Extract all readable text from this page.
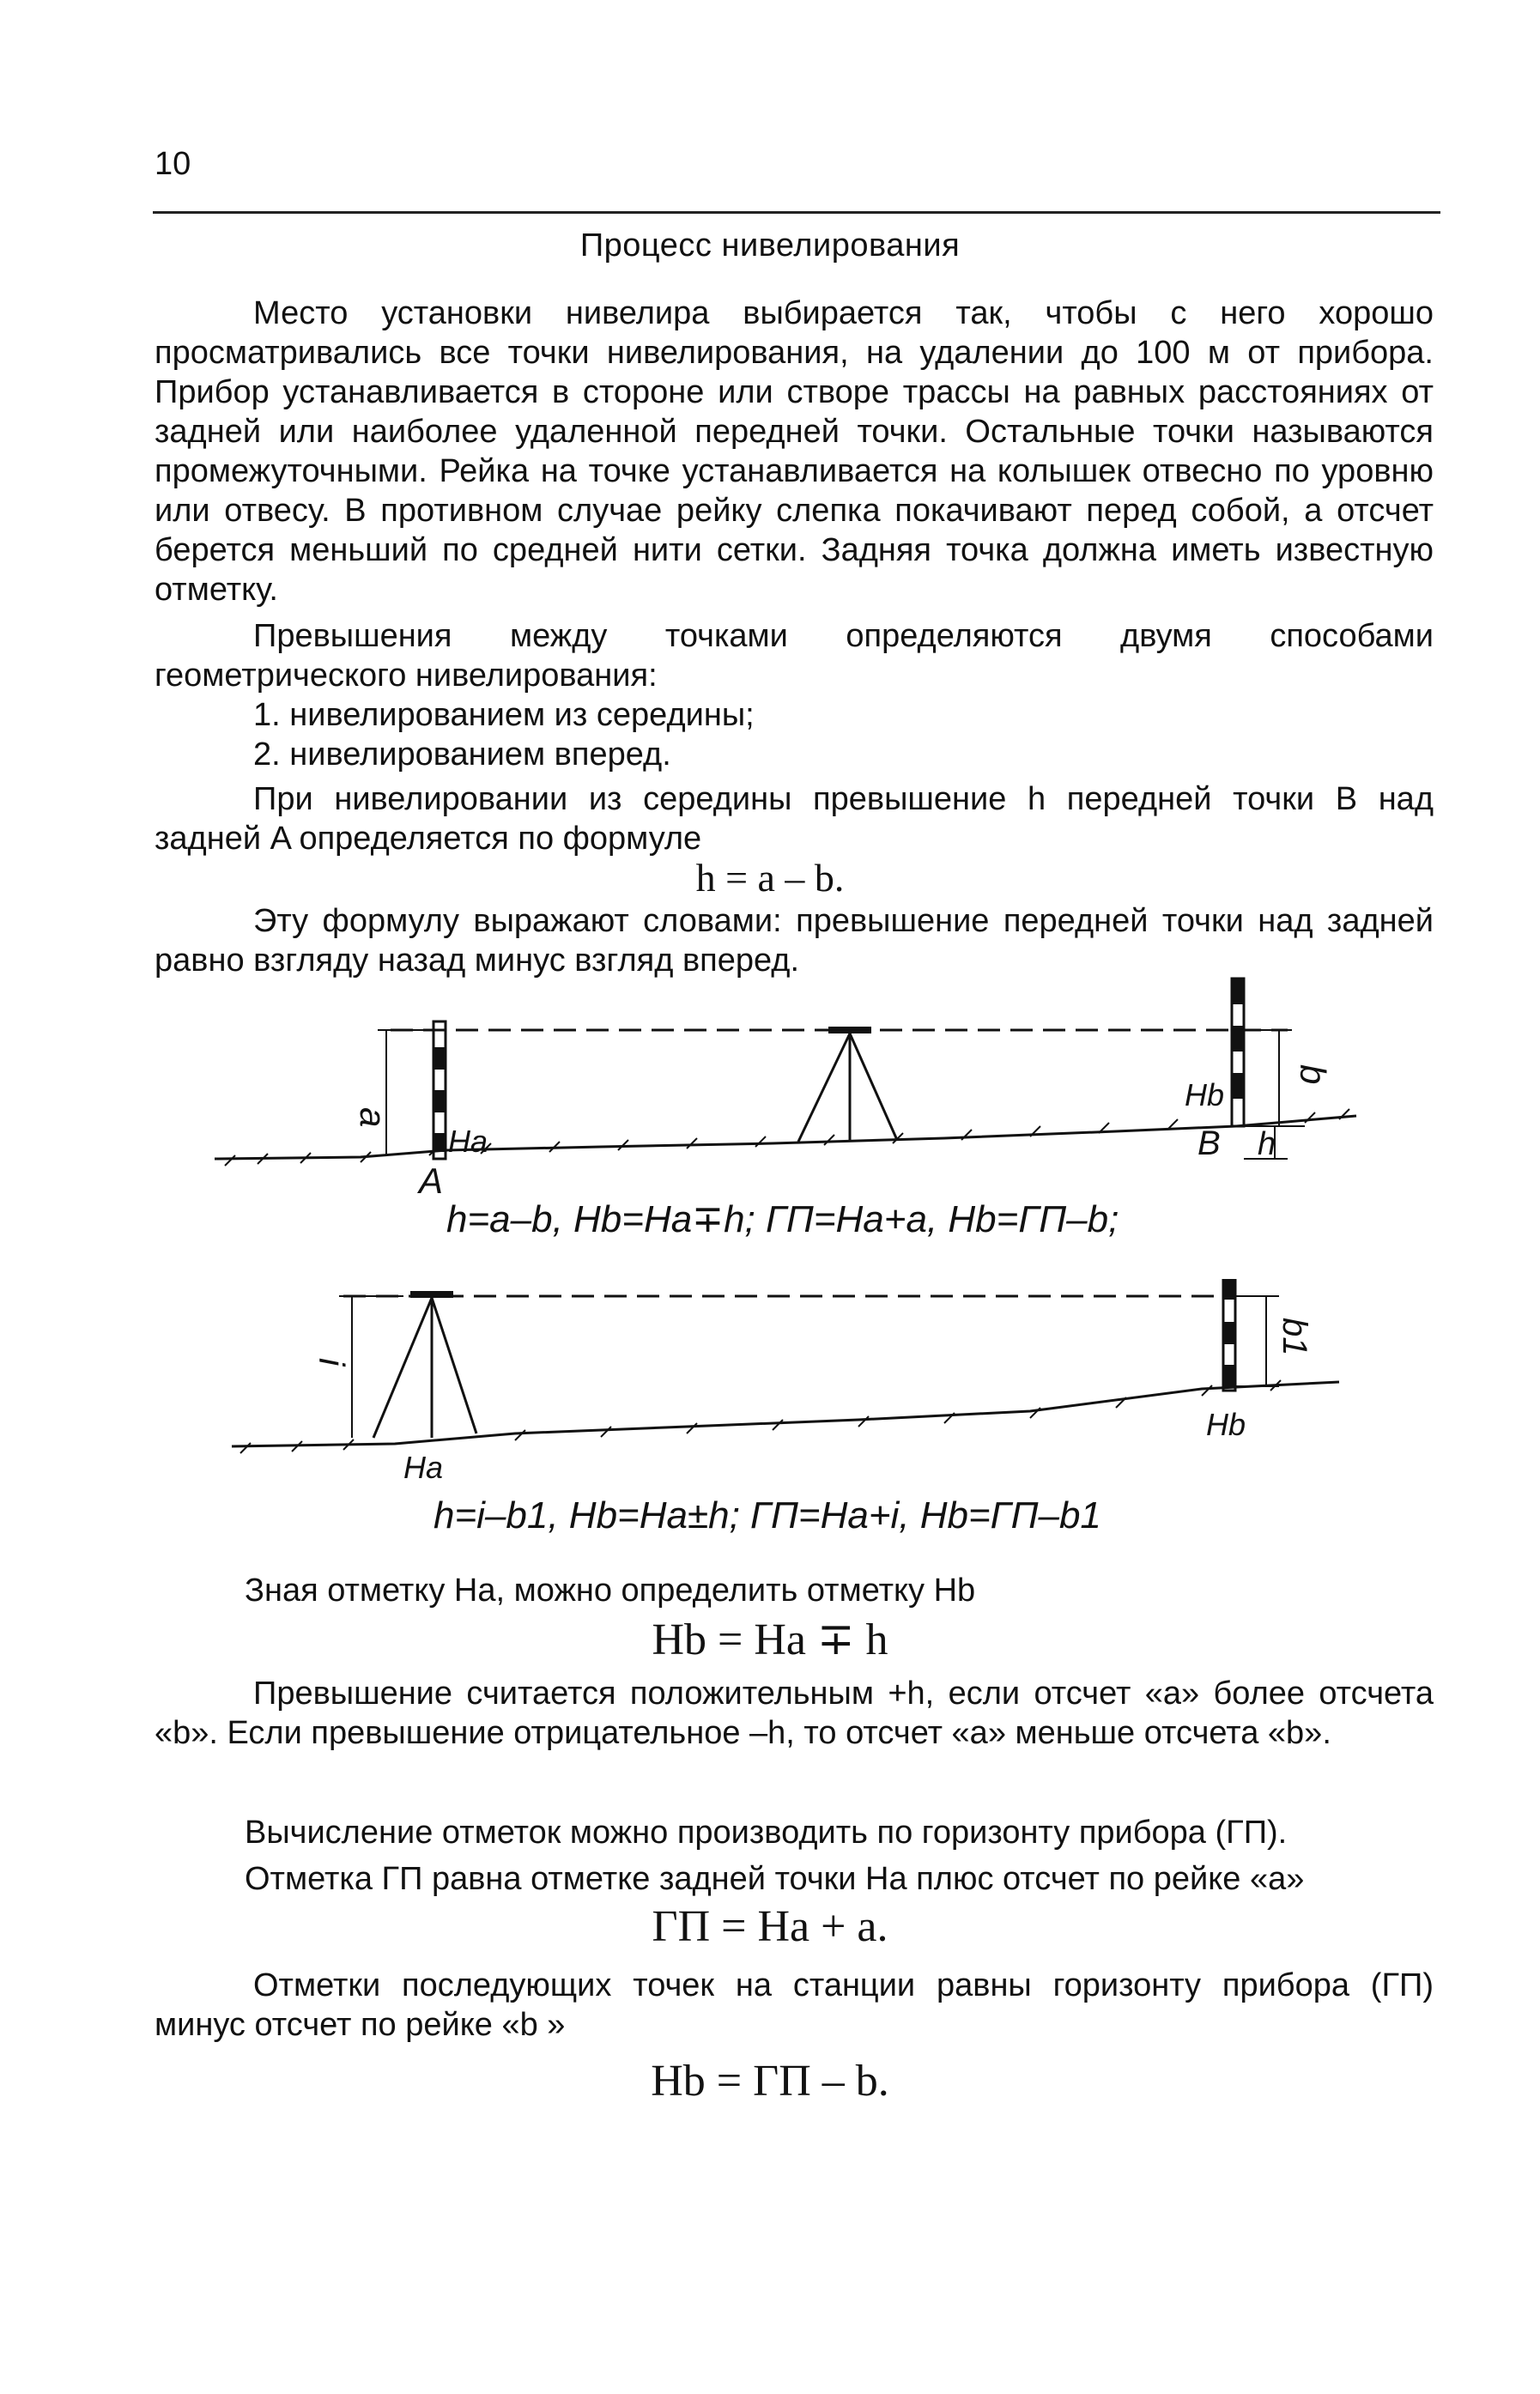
10
Процесс нивелирования
Место установки нивелира выбирается так, чтобы с него хорошо просматривались все точки нивелирования, на удалении до 100 м от прибора. Прибор устанавливается в стороне или створе трассы на равных расстояниях от задней или наиболее удаленной передней точки. Остальные точки называются промежуточными. Рейка на точке устанавливается на колышек отвесно по уровню или отвесу. В противном случае рейку слепка покачивают перед собой, а отсчет берется меньший по средней нити сетки. Задняя точка должна иметь известную отметку.
Превышения между точками определяются двумя способами геометрического нивелирования:
1. нивелированием из середины;
2. нивелированием вперед.
При нивелировании из середины превышение h передней точки B над задней A определяется по формуле
h = a – b.
Эту формулу выражают словами: превышение передней точки над задней равно взгляду назад минус взгляд вперед.
a
Ha
A
Hb
B h
b
h=a–b, Hb=Ha∓h; ГП=Ha+a, Hb=ГП–b;
i
Ha
Hb
b1
h=i–b1, Hb=Ha±h; ГП=Ha+i, Hb=ГП–b1
Зная отметку Hа, можно определить отметку Hb
Hb = Ha ∓ h
Превышение считается положительным +h, если отсчет «а» более отсчета «b». Если превышение отрицательное –h, то отсчет «а» меньше отсчета «b».
Вычисление отметок можно производить по горизонту прибора (ГП).
Отметка ГП равна отметке задней точки Hа плюс отсчет по рейке «а»
ГП = Ha + a.
Отметки последующих точек на станции равны горизонту прибора (ГП) минус отсчет по рейке «b »
Hb = ГП – b.
